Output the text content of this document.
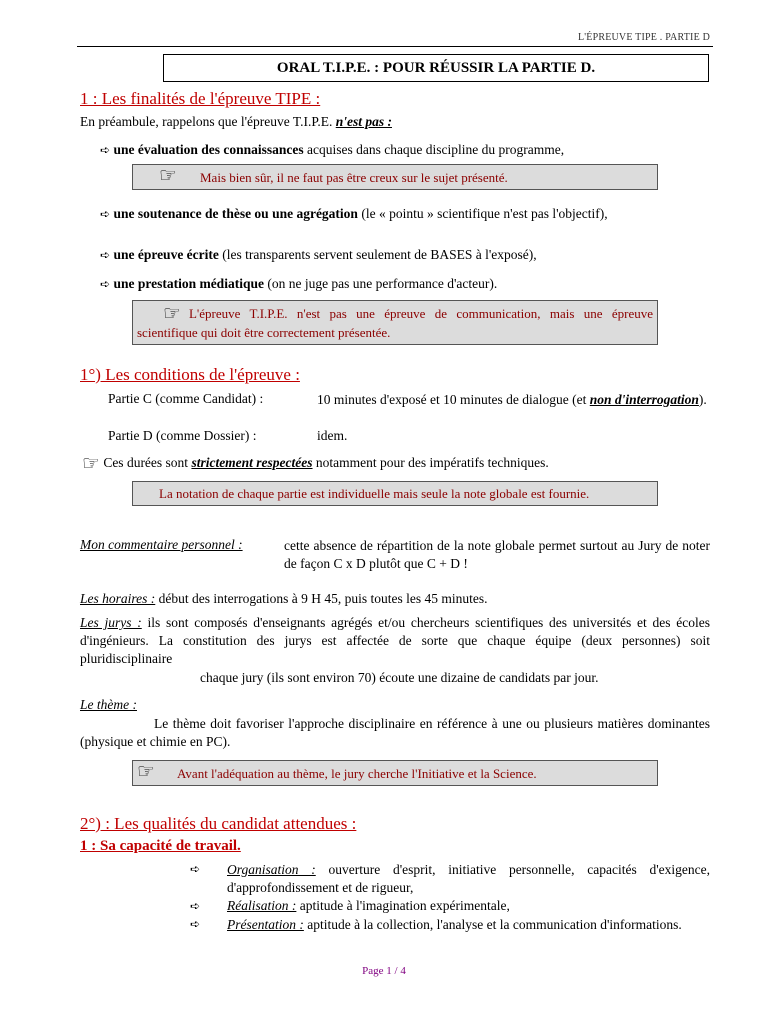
L'ÉPREUVE TIPE . PARTIE D
ORAL T.I.P.E. : POUR RÉUSSIR LA PARTIE D.
1 : Les finalités de l'épreuve TIPE :
En préambule, rappelons que l'épreuve T.I.P.E. n'est pas :
➪ une évaluation des connaissances acquises dans chaque discipline du programme,
☞ Mais bien sûr, il ne faut pas être creux sur le sujet présenté.
➪ une soutenance de thèse ou une agrégation (le « pointu » scientifique n'est pas l'objectif),
➪ une épreuve écrite (les transparents servent seulement de BASES à l'exposé),
➪ une prestation médiatique (on ne juge pas une performance d'acteur).
☞ L'épreuve T.I.P.E. n'est pas une épreuve de communication, mais une épreuve scientifique qui doit être correctement présentée.
1°) Les conditions de l'épreuve :
Partie C (comme Candidat) :	10 minutes d'exposé et 10 minutes de dialogue (et non d'interrogation).
Partie D (comme Dossier) :	idem.
☞ Ces durées sont strictement respectées notamment pour des impératifs techniques.
La notation de chaque partie est individuelle mais seule la note globale est fournie.
Mon commentaire personnel :	cette absence de répartition de la note globale permet surtout au Jury de noter de façon C x D plutôt que C + D !
Les horaires : début des interrogations à 9 H 45, puis toutes les 45 minutes.
Les jurys : ils sont composés d'enseignants agrégés et/ou chercheurs scientifiques des universités et des écoles d'ingénieurs. La constitution des jurys est affectée de sorte que chaque équipe (deux personnes) soit pluridisciplinaire
chaque jury (ils sont environ 70) écoute une dizaine de candidats par jour.
Le thème :
Le thème doit favoriser l'approche disciplinaire en référence à une ou plusieurs matières dominantes (physique et chimie en PC).
☞ Avant l'adéquation au thème, le jury cherche l'Initiative et la Science.
2°) : Les qualités du candidat attendues :
1 : Sa capacité de travail.
➪ Organisation : ouverture d'esprit, initiative personnelle, capacités d'exigence, d'approfondissement et de rigueur,
➪ Réalisation : aptitude à l'imagination expérimentale,
➪ Présentation : aptitude à la collection, l'analyse et la communication d'informations.
Page 1 / 4
